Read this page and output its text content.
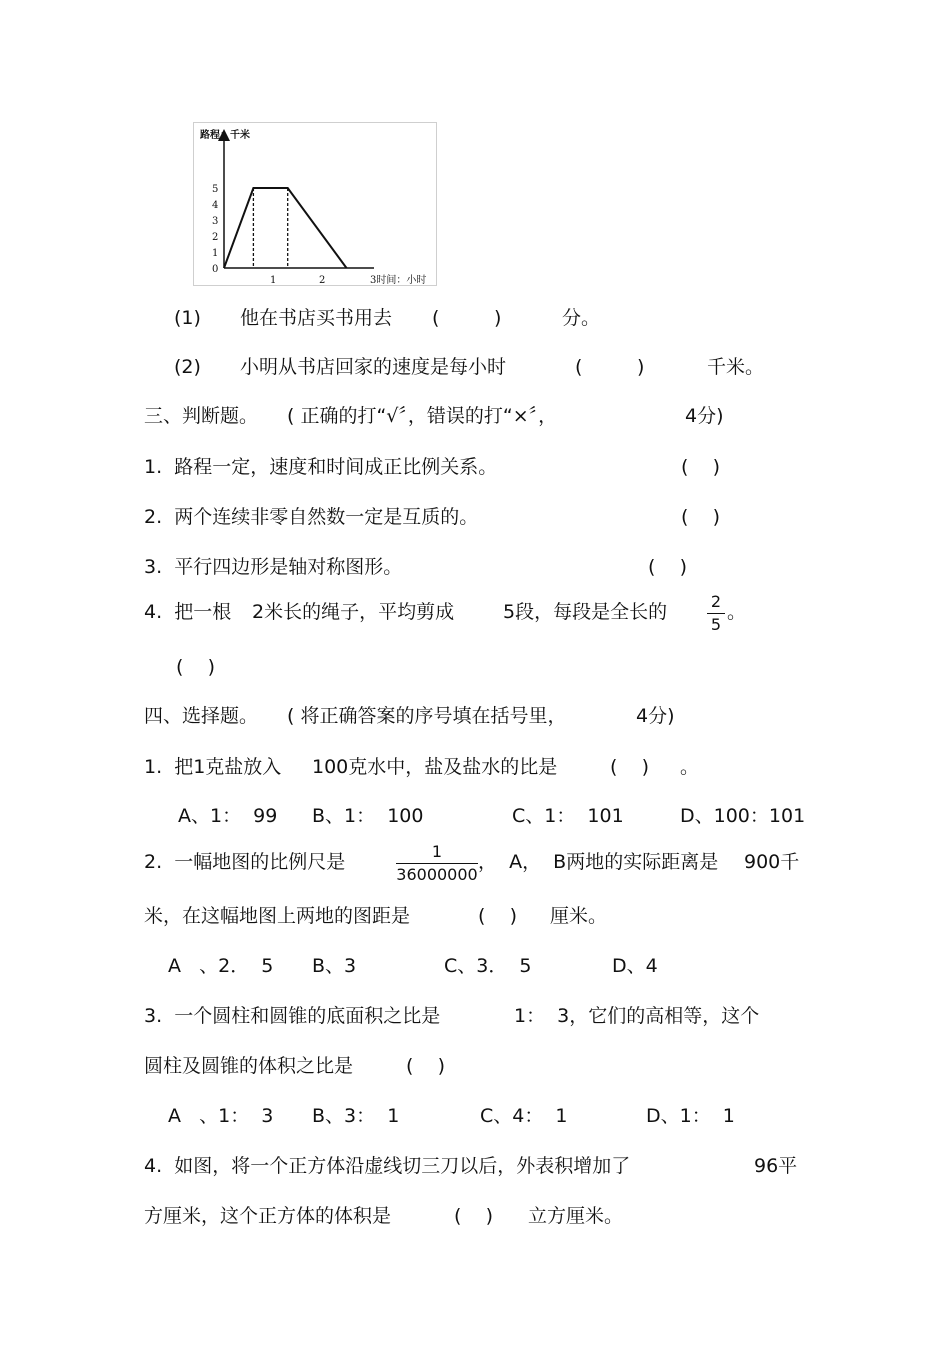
路程：千米
0
1
2
3
4
5
1	2	3时间：小时
(1) 他在书店买书用去 (	)	分。
(2) 小明从书店回家的速度是每小时	(	)	千米。
三、判断题。 ( 正确的打“√〞，错误的打“×〞，	4分)
1.  路程一定，速度和时间成正比例关系。	(    )
2.  两个连续非零自然数一定是互质的。	(    )
3.  平行四边形是轴对称图形。	(    )
4.  把一根 2米长的绳子，平均剪成	5段，每段是全长的	2
5
。
(    )
四、选择题。 ( 将正确答案的序号填在括号里，	4分)
1.  把1克盐放入 100克水中，盐及盐水的比是	(    ) 。
A、1：  99 B、1：  100	C、1：  101	D、100：101
2.  一幅地图的比例尺是	1
36000000
，  A，  B两地的实际距离是 900千
米，在这幅地图上两地的图距是	(    ) 厘米。
A   、2．  5 B、3	C、3．  5	D、4
3.  一个圆柱和圆锥的底面积之比是	1：  3，它们的高相等，这个
圆柱及圆锥的体积之比是	(    )
A   、1：  3 B、3：  1	C、4：  1	D、1：  1
4.  如图，将一个正方体沿虚线切三刀以后，外表积增加了	96平
方厘米，这个正方体的体积是	(    ) 立方厘米。
